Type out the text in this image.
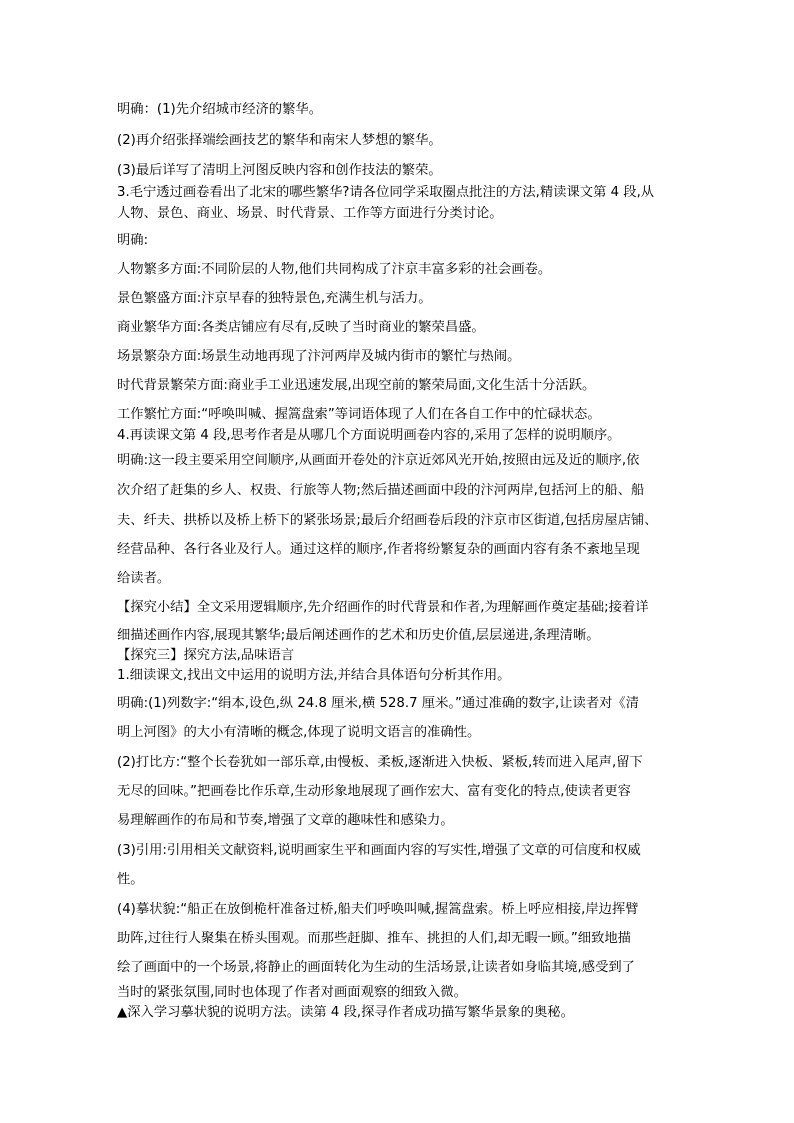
明确：(1)先介绍城市经济的繁华。
(2)再介绍张择端绘画技艺的繁华和南宋人梦想的繁华。
(3)最后详写了清明上河图反映内容和创作技法的繁荣。
3.毛宁透过画卷看出了北宋的哪些繁华?请各位同学采取圈点批注的方法,精读课文第 4 段,从
人物、景色、商业、场景、时代背景、工作等方面进行分类讨论。
明确:
人物繁多方面:不同阶层的人物,他们共同构成了汴京丰富多彩的社会画卷。
景色繁盛方面:汴京早春的独特景色,充满生机与活力。
商业繁华方面:各类店铺应有尽有,反映了当时商业的繁荣昌盛。
场景繁杂方面:场景生动地再现了汴河两岸及城内街市的繁忙与热闹。
时代背景繁荣方面:商业手工业迅速发展,出现空前的繁荣局面,文化生活十分活跃。
工作繁忙方面:“呼唤叫喊、握篙盘索”等词语体现了人们在各自工作中的忙碌状态。
4.再读课文第 4 段,思考作者是从哪几个方面说明画卷内容的,采用了怎样的说明顺序。
明确:这一段主要采用空间顺序,从画面开卷处的汴京近郊风光开始,按照由远及近的顺序,依
次介绍了赶集的乡人、权贵、行旅等人物;然后描述画面中段的汴河两岸,包括河上的船、船
夫、纤夫、拱桥以及桥上桥下的紧张场景;最后介绍画卷后段的汴京市区街道,包括房屋店铺、
经营品种、各行各业及行人。通过这样的顺序,作者将纷繁复杂的画面内容有条不紊地呈现
给读者。
【探究小结】全文采用逻辑顺序,先介绍画作的时代背景和作者,为理解画作奠定基础;接着详
细描述画作内容,展现其繁华;最后阐述画作的艺术和历史价值,层层递进,条理清晰。
【探究三】探究方法,品味语言
1.细读课文,找出文中运用的说明方法,并结合具体语句分析其作用。
明确:(1)列数字:“绢本,设色,纵 24.8 厘米,横 528.7 厘米。”通过准确的数字,让读者对《清
明上河图》的大小有清晰的概念,体现了说明文语言的准确性。
(2)打比方:“整个长卷犹如一部乐章,由慢板、柔板,逐渐进入快板、紧板,转而进入尾声,留下
无尽的回味。”把画卷比作乐章,生动形象地展现了画作宏大、富有变化的特点,使读者更容
易理解画作的布局和节奏,增强了文章的趣味性和感染力。
(3)引用:引用相关文献资料,说明画家生平和画面内容的写实性,增强了文章的可信度和权威
性。
(4)摹状貌:“船正在放倒桅杆准备过桥,船夫们呼唤叫喊,握篙盘索。桥上呼应相接,岸边挥臂
助阵,过往行人聚集在桥头围观。而那些赶脚、推车、挑担的人们,却无暇一顾。”细致地描
绘了画面中的一个场景,将静止的画面转化为生动的生活场景,让读者如身临其境,感受到了
当时的紧张氛围,同时也体现了作者对画面观察的细致入微。
▲深入学习摹状貌的说明方法。读第 4 段,探寻作者成功描写繁华景象的奥秘。
